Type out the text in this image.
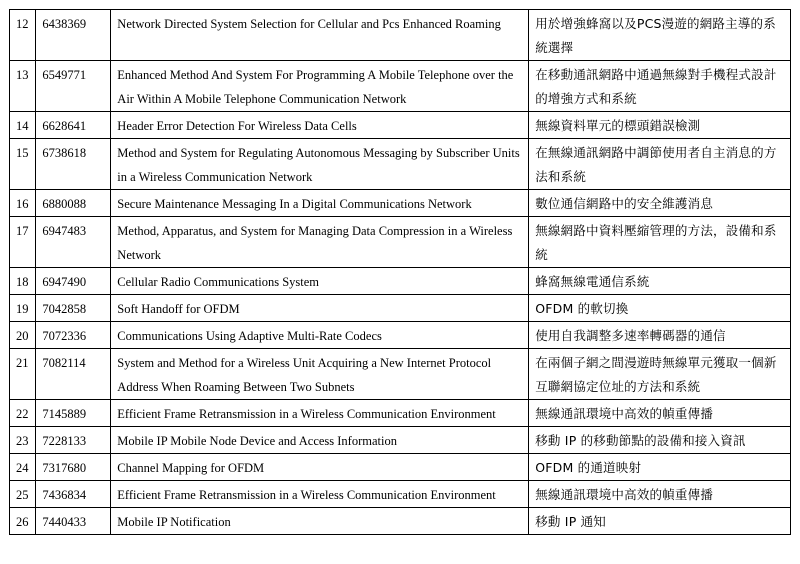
12	6438369	Network Directed System Selection for Cellular and Pcs Enhanced Roaming	用於增強蜂窩以及PCS漫遊的網路主導的系統選擇
13	6549771	Enhanced Method And System For Programming A Mobile Telephone over the Air Within A Mobile Telephone Communication Network	在移動通訊網路中通過無線對手機程式設計的增強方式和系統
14	6628641	Header Error Detection For Wireless Data Cells	無線資料單元的標頭錯誤檢測
15	6738618	Method and System for Regulating Autonomous Messaging by Subscriber Units in a Wireless Communication Network	在無線通訊網路中調節使用者自主消息的方法和系統
16	6880088	Secure Maintenance Messaging In a Digital Communications Network	數位通信網路中的安全維護消息
17	6947483	Method, Apparatus, and System for Managing Data Compression in a Wireless Network	無線網路中資料壓縮管理的方法，設備和系統
18	6947490	Cellular Radio Communications System	蜂窩無線電通信系統
19	7042858	Soft Handoff for OFDM	OFDM 的軟切換
20	7072336	Communications Using Adaptive Multi-Rate Codecs	使用自我調整多速率轉碼器的通信
21	7082114	System and Method for a Wireless Unit Acquiring a New Internet Protocol Address When Roaming Between Two Subnets	在兩個子網之間漫遊時無線單元獲取一個新互聯網協定位址的方法和系統
22	7145889	Efficient Frame Retransmission in a Wireless Communication Environment	無線通訊環境中高效的幀重傳播
23	7228133	Mobile IP Mobile Node Device and Access Information	移動 IP 的移動節點的設備和接入資訊
24	7317680	Channel Mapping for OFDM	OFDM 的通道映射
25	7436834	Efficient Frame Retransmission in a Wireless Communication Environment	無線通訊環境中高效的幀重傳播
26	7440433	Mobile IP Notification	移動 IP 通知
